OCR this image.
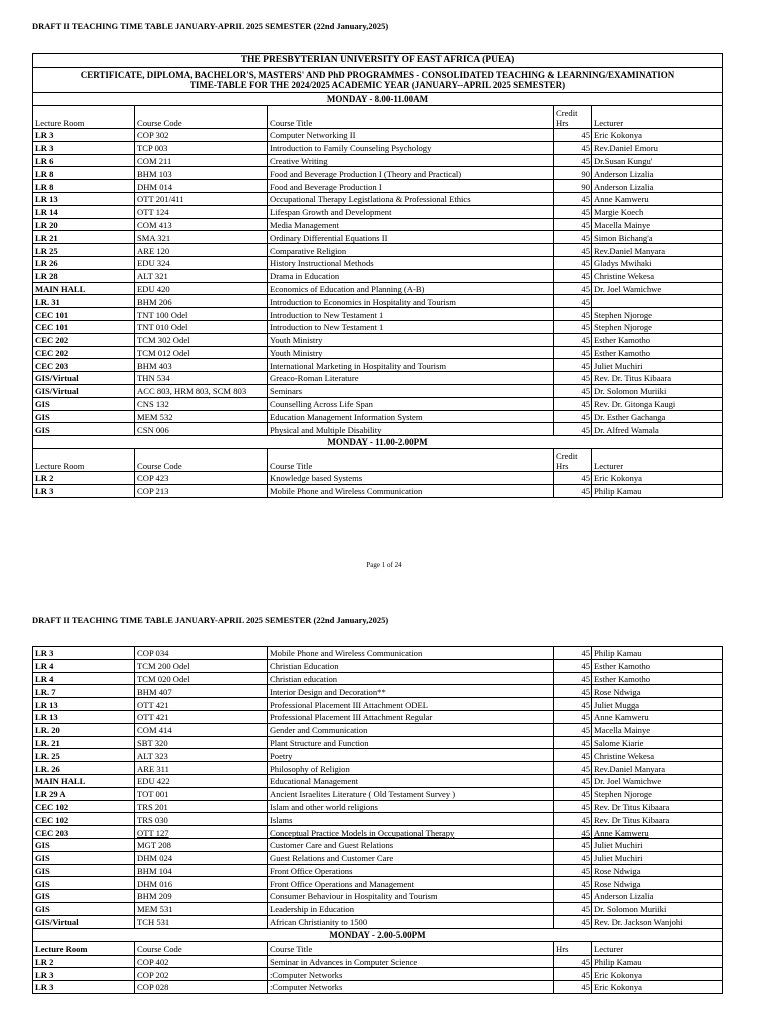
DRAFT II TEACHING TIME TABLE JANUARY-APRIL 2025 SEMESTER (22nd January,2025)
THE PRESBYTERIAN UNIVERSITY OF EAST AFRICA (PUEA)				
CERTIFICATE, DIPLOMA, BACHELOR'S, MASTERS' AND PhD PROGRAMMES - CONSOLIDATED TEACHING & LEARNING/EXAMINATION
TIME-TABLE FOR THE 2024/2025 ACADEMIC YEAR (JANUARY--APRIL 2025 SEMESTER)				
MONDAY - 8.00-11.00AM				
Lecture Room	Course Code	Course Title	Credit
Hrs	Lecturer
LR 3	COP 302	Computer Networking II	45	Eric Kokonya
LR 3	TCP 003	Introduction to Family Counseling Psychology	45	Rev.Daniel Emoru
LR 6	COM 211	Creative Writing	45	Dr.Susan Kungu'
LR 8	BHM 103	Food and Beverage Production I (Theory and Practical)	90	Anderson Lizalia
LR 8	DHM 014	Food and Beverage Production I	90	Anderson Lizalia
LR 13	OTT 201/411	Occupational Therapy Legistlationa & Professional Ethics	45	Anne Kamweru
LR 14	OTT 124	Lifespan Growth and Development	45	Margie Koech
LR 20	COM 413	Media Management	45	Macella Mainye
LR 21	SMA 321	Ordinary Differential Equations II	45	Simon Bichang'a
LR 25	ARE 120	Comparative Religion	45	Rev.Daniel Manyara
LR 26	EDU 324	History Instructional Methods	45	Gladys Mwihaki
LR 28	ALT 321	Drama in Education	45	Christine Wekesa
MAIN HALL	EDU 420	Economics of Education and Planning (A-B)	45	Dr. Joel Wamichwe
LR. 31	BHM 206	Introduction to Economics in Hospitality and Tourism	45	
CEC 101	TNT 100 Odel	Introduction to New Testament 1	45	Stephen Njoroge
CEC 101	TNT 010 Odel	Introduction to New Testament 1	45	Stephen Njoroge
CEC 202	TCM 302 Odel	Youth Ministry	45	Esther Kamotho
CEC 202	TCM 012 Odel	Youth Ministry	45	Esther Kamotho
CEC 203	BHM 403	International Marketing in Hospitality and Tourism	45	Juliet Muchiri
GIS/Virtual	THN 534	Greaco-Roman Literature	45	Rev. Dr. Titus Kibaara
GIS/Virtual	ACC 803, HRM 803, SCM 803	Seminars	45	Dr. Solomon Muriiki
GIS	CNS 132	Counselling Across Life Span	45	Rev. Dr. Gitonga Kaugi
GIS	MEM 532	Education Management Information System	45	Dr. Esther Gachanga
GIS	CSN 006	Physical and Multiple Disability	45	Dr. Alfred Wamala
MONDAY - 11.00-2.00PM				
Lecture Room	Course Code	Course Title	Credit
Hrs	Lecturer
LR 2	COP 423	Knowledge based Systems	45	Eric Kokonya
LR 3	COP 213	Mobile Phone and Wireless Communication	45	Philip Kamau
Page 1 of 24
DRAFT II TEACHING TIME TABLE JANUARY-APRIL 2025 SEMESTER (22nd January,2025)
LR 3	COP 034	Mobile Phone and Wireless Communication	45	Philip Kamau
LR 4	TCM 200 Odel	Christian Education	45	Esther Kamotho
LR 4	TCM 020 Odel	Christian education	45	Esther Kamotho
LR. 7	BHM 407	Interior Design and Decoration**	45	Rose Ndwiga
LR 13	OTT 421	Professional Placement III Attachment ODEL	45	Juliet Mugga
LR 13	OTT 421	Professional Placement III Attachment Regular	45	Anne Kamweru
LR. 20	COM 414	Gender and Communication	45	Macella Mainye
LR. 21	SBT 320	Plant Structure and Function	45	Salome Kiarie
LR. 25	ALT 323	Poetry	45	Christine Wekesa
LR. 26	ARE 311	Philosophy of Religion	45	Rev.Daniel Manyara
MAIN HALL	EDU 422	Educational Management	45	Dr. Joel Wamichwe
LR 29 A	TOT 001	Ancient Israelites Literature ( Old Testament Survey )	45	Stephen Njoroge
CEC 102	TRS 201	Islam and other world religions	45	Rev. Dr Titus Kibaara
CEC 102	TRS 030	Islams	45	Rev. Dr Titus Kibaara
CEC 203	OTT 127	Conceptual Practice Models in Occupational Therapy	45	Anne Kamweru
GIS	MGT 208	Customer Care and Guest Relations	45	Juliet Muchiri
GIS	DHM 024	Guest Relations and Customer Care	45	Juliet Muchiri
GIS	BHM 104	Front Office Operations	45	Rose Ndwiga
GIS	DHM 016	Front Office Operations and Management	45	Rose Ndwiga
GIS	BHM 209	Consumer Behaviour in Hospitality and Tourism	45	Anderson Lizalia
GIS	MEM 531	Leadership in Education	45	Dr. Solomon Muriiki
GIS/Virtual	TCH 531	African Christianity to 1500	45	Rev. Dr. Jackson Wanjohi
MONDAY - 2.00-5.00PM				
Lecture Room	Course Code	Course Title	Hrs	Lecturer
LR 2	COP 402	Seminar in Advances in Computer Science	45	Philip Kamau
LR 3	COP 202	:Computer Networks	45	Eric Kokonya
LR 3	COP 028	:Computer Networks	45	Eric Kokonya
